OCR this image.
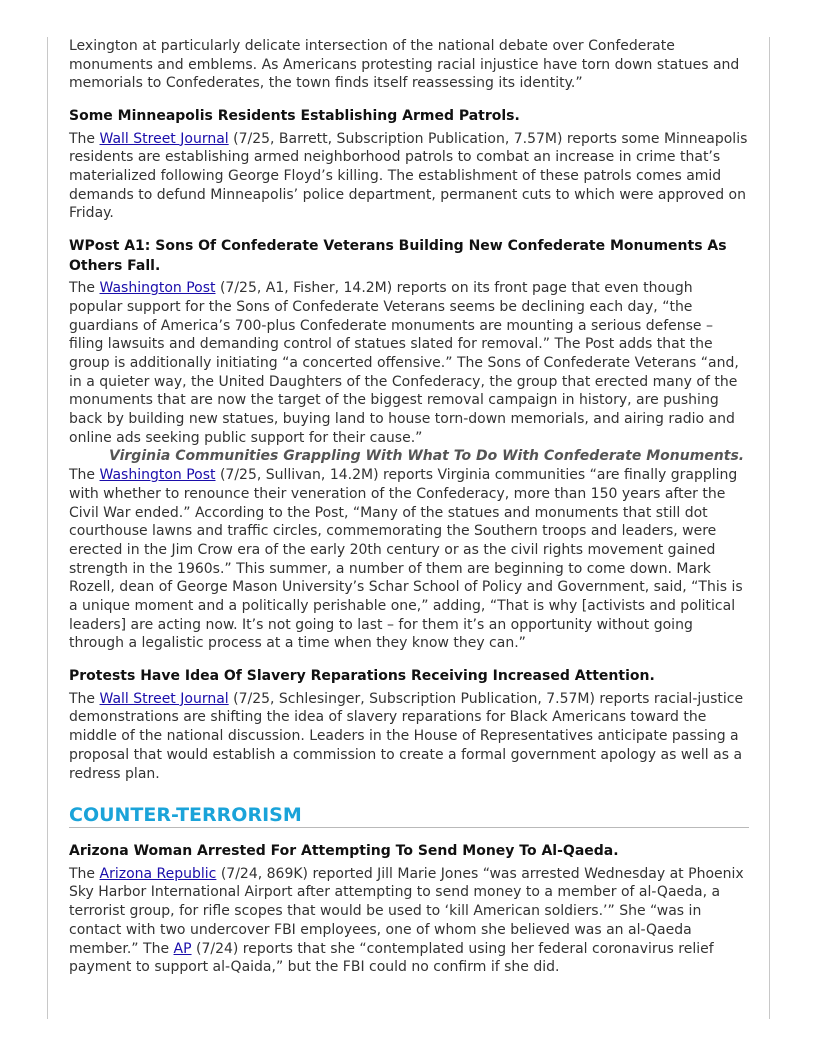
Lexington at particularly delicate intersection of the national debate over Confederate monuments and emblems. As Americans protesting racial injustice have torn down statues and memorials to Confederates, the town finds itself reassessing its identity.”

Some Minneapolis Residents Establishing Armed Patrols.

The Wall Street Journal (7/25, Barrett, Subscription Publication, 7.57M) reports some Minneapolis residents are establishing armed neighborhood patrols to combat an increase in crime that’s materialized following George Floyd’s killing. The establishment of these patrols comes amid demands to defund Minneapolis’ police department, permanent cuts to which were approved on Friday.

WPost A1: Sons Of Confederate Veterans Building New Confederate Monuments As Others Fall.

The Washington Post (7/25, A1, Fisher, 14.2M) reports on its front page that even though popular support for the Sons of Confederate Veterans seems be declining each day, “the guardians of America’s 700-plus Confederate monuments are mounting a serious defense – filing lawsuits and demanding control of statues slated for removal.” The Post adds that the group is additionally initiating “a concerted offensive.” The Sons of Confederate Veterans “and, in a quieter way, the United Daughters of the Confederacy, the group that erected many of the monuments that are now the target of the biggest removal campaign in history, are pushing back by building new statues, buying land to house torn-down memorials, and airing radio and online ads seeking public support for their cause.”

Virginia Communities Grappling With What To Do With Confederate Monuments.

The Washington Post (7/25, Sullivan, 14.2M) reports Virginia communities “are finally grappling with whether to renounce their veneration of the Confederacy, more than 150 years after the Civil War ended.” According to the Post, “Many of the statues and monuments that still dot courthouse lawns and traffic circles, commemorating the Southern troops and leaders, were erected in the Jim Crow era of the early 20th century or as the civil rights movement gained strength in the 1960s.” This summer, a number of them are beginning to come down. Mark Rozell, dean of George Mason University’s Schar School of Policy and Government, said, “This is a unique moment and a politically perishable one,” adding, “That is why [activists and political leaders] are acting now. It’s not going to last – for them it’s an opportunity without going through a legalistic process at a time when they know they can.”

Protests Have Idea Of Slavery Reparations Receiving Increased Attention.

The Wall Street Journal (7/25, Schlesinger, Subscription Publication, 7.57M) reports racial-justice demonstrations are shifting the idea of slavery reparations for Black Americans toward the middle of the national discussion. Leaders in the House of Representatives anticipate passing a proposal that would establish a commission to create a formal government apology as well as a redress plan.

COUNTER-TERRORISM
Arizona Woman Arrested For Attempting To Send Money To Al-Qaeda.

The Arizona Republic (7/24, 869K) reported Jill Marie Jones “was arrested Wednesday at Phoenix Sky Harbor International Airport after attempting to send money to a member of al-Qaeda, a terrorist group, for rifle scopes that would be used to ‘kill American soldiers.’” She “was in contact with two undercover FBI employees, one of whom she believed was an al-Qaeda member.” The AP (7/24) reports that she “contemplated using her federal coronavirus relief payment to support al-Qaida,” but the FBI could no confirm if she did.
